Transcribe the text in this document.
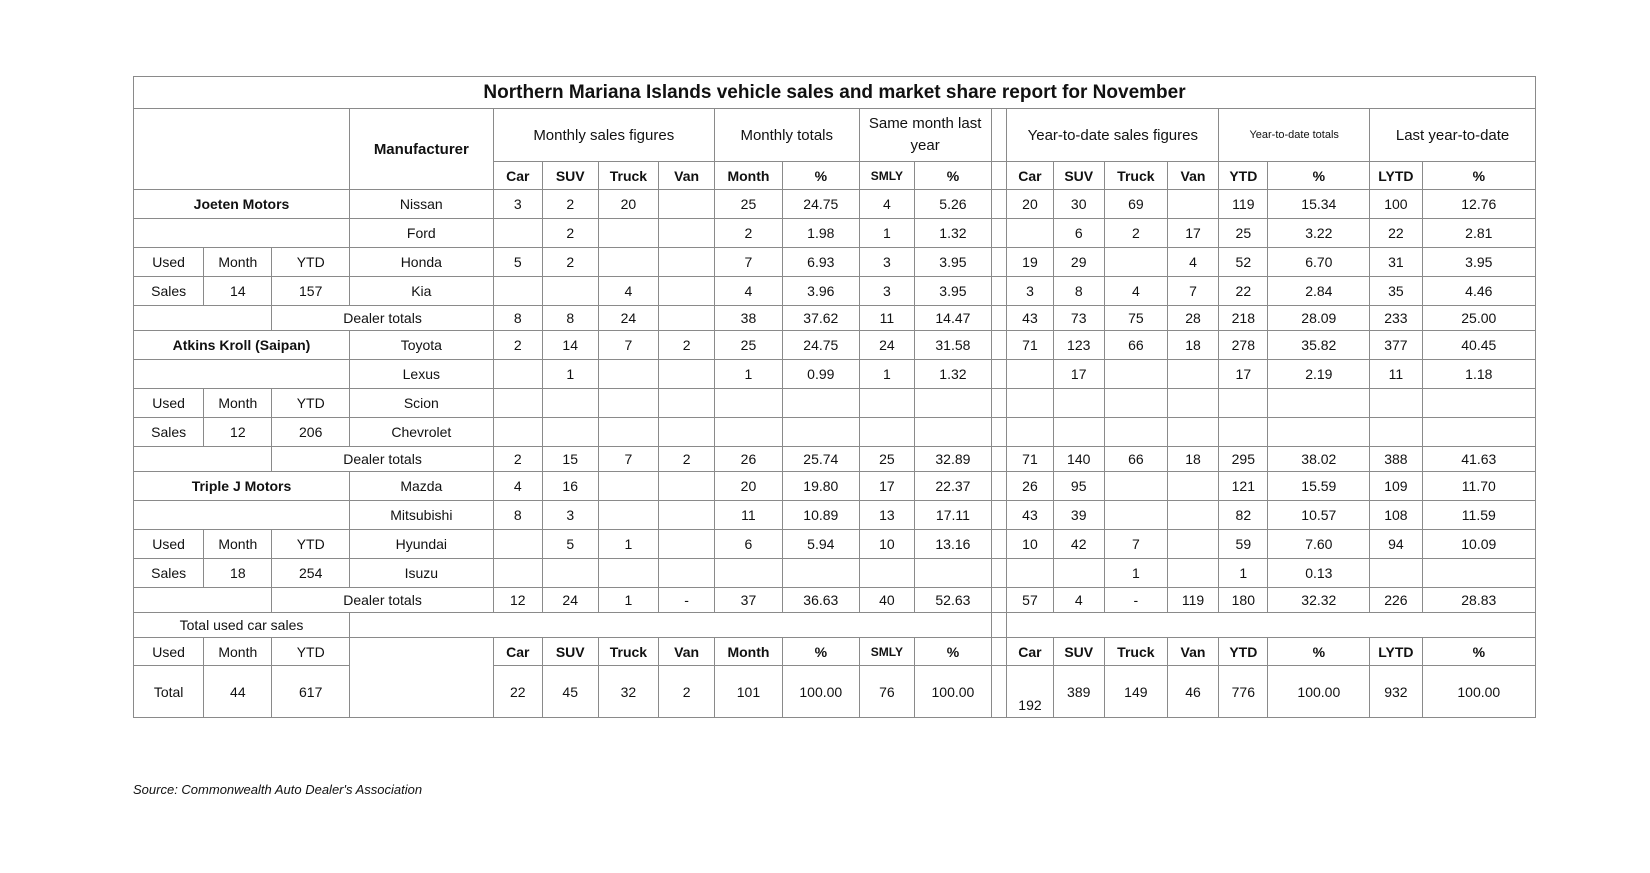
Northern Mariana Islands vehicle sales and market share report for November																				
			Manufacturer	Monthly sales figures				Monthly totals		Same month last year			Year-to-date sales figures				Year-to-date totals		Last year-to-date	
				Car	SUV	Truck	Van	Month	%	SMLY	%		Car	SUV	Truck	Van	YTD	%	LYTD	%
Joeten Motors			Nissan	3	2	20		25	24.75	4	5.26		20	30	69		119	15.34	100	12.76
			Ford		2			2	1.98	1	1.32			6	2	17	25	3.22	22	2.81
Used	Month	YTD	Honda	5	2			7	6.93	3	3.95		19	29		4	52	6.70	31	3.95
Sales	14	157	Kia			4		4	3.96	3	3.95		3	8	4	7	22	2.84	35	4.46
		Dealer totals		8	8	24		38	37.62	11	14.47		43	73	75	28	218	28.09	233	25.00
Atkins Kroll (Saipan)			Toyota	2	14	7	2	25	24.75	24	31.58		71	123	66	18	278	35.82	377	40.45
			Lexus		1			1	0.99	1	1.32			17			17	2.19	11	1.18
Used	Month	YTD	Scion																	
Sales	12	206	Chevrolet																	
		Dealer totals		2	15	7	2	26	25.74	25	32.89		71	140	66	18	295	38.02	388	41.63
Triple J Motors			Mazda	4	16			20	19.80	17	22.37		26	95			121	15.59	109	11.70
			Mitsubishi	8	3			11	10.89	13	17.11		43	39			82	10.57	108	11.59
Used	Month	YTD	Hyundai		5	1		6	5.94	10	13.16		10	42	7		59	7.60	94	10.09
Sales	18	254	Isuzu												1		1	0.13		
		Dealer totals		12	24	1	-	37	36.63	40	52.63		57	4	-	119	180	32.32	226	28.83
Total used car sales																				
Used	Month	YTD		Car	SUV	Truck	Van	Month	%	SMLY	%		Car	SUV	Truck	Van	YTD	%	LYTD	%
Total	44	617		22	45	32	2	101	100.00	76	100.00		192	389	149	46	776	100.00	932	100.00
Source: Commonwealth Auto Dealer's Association
